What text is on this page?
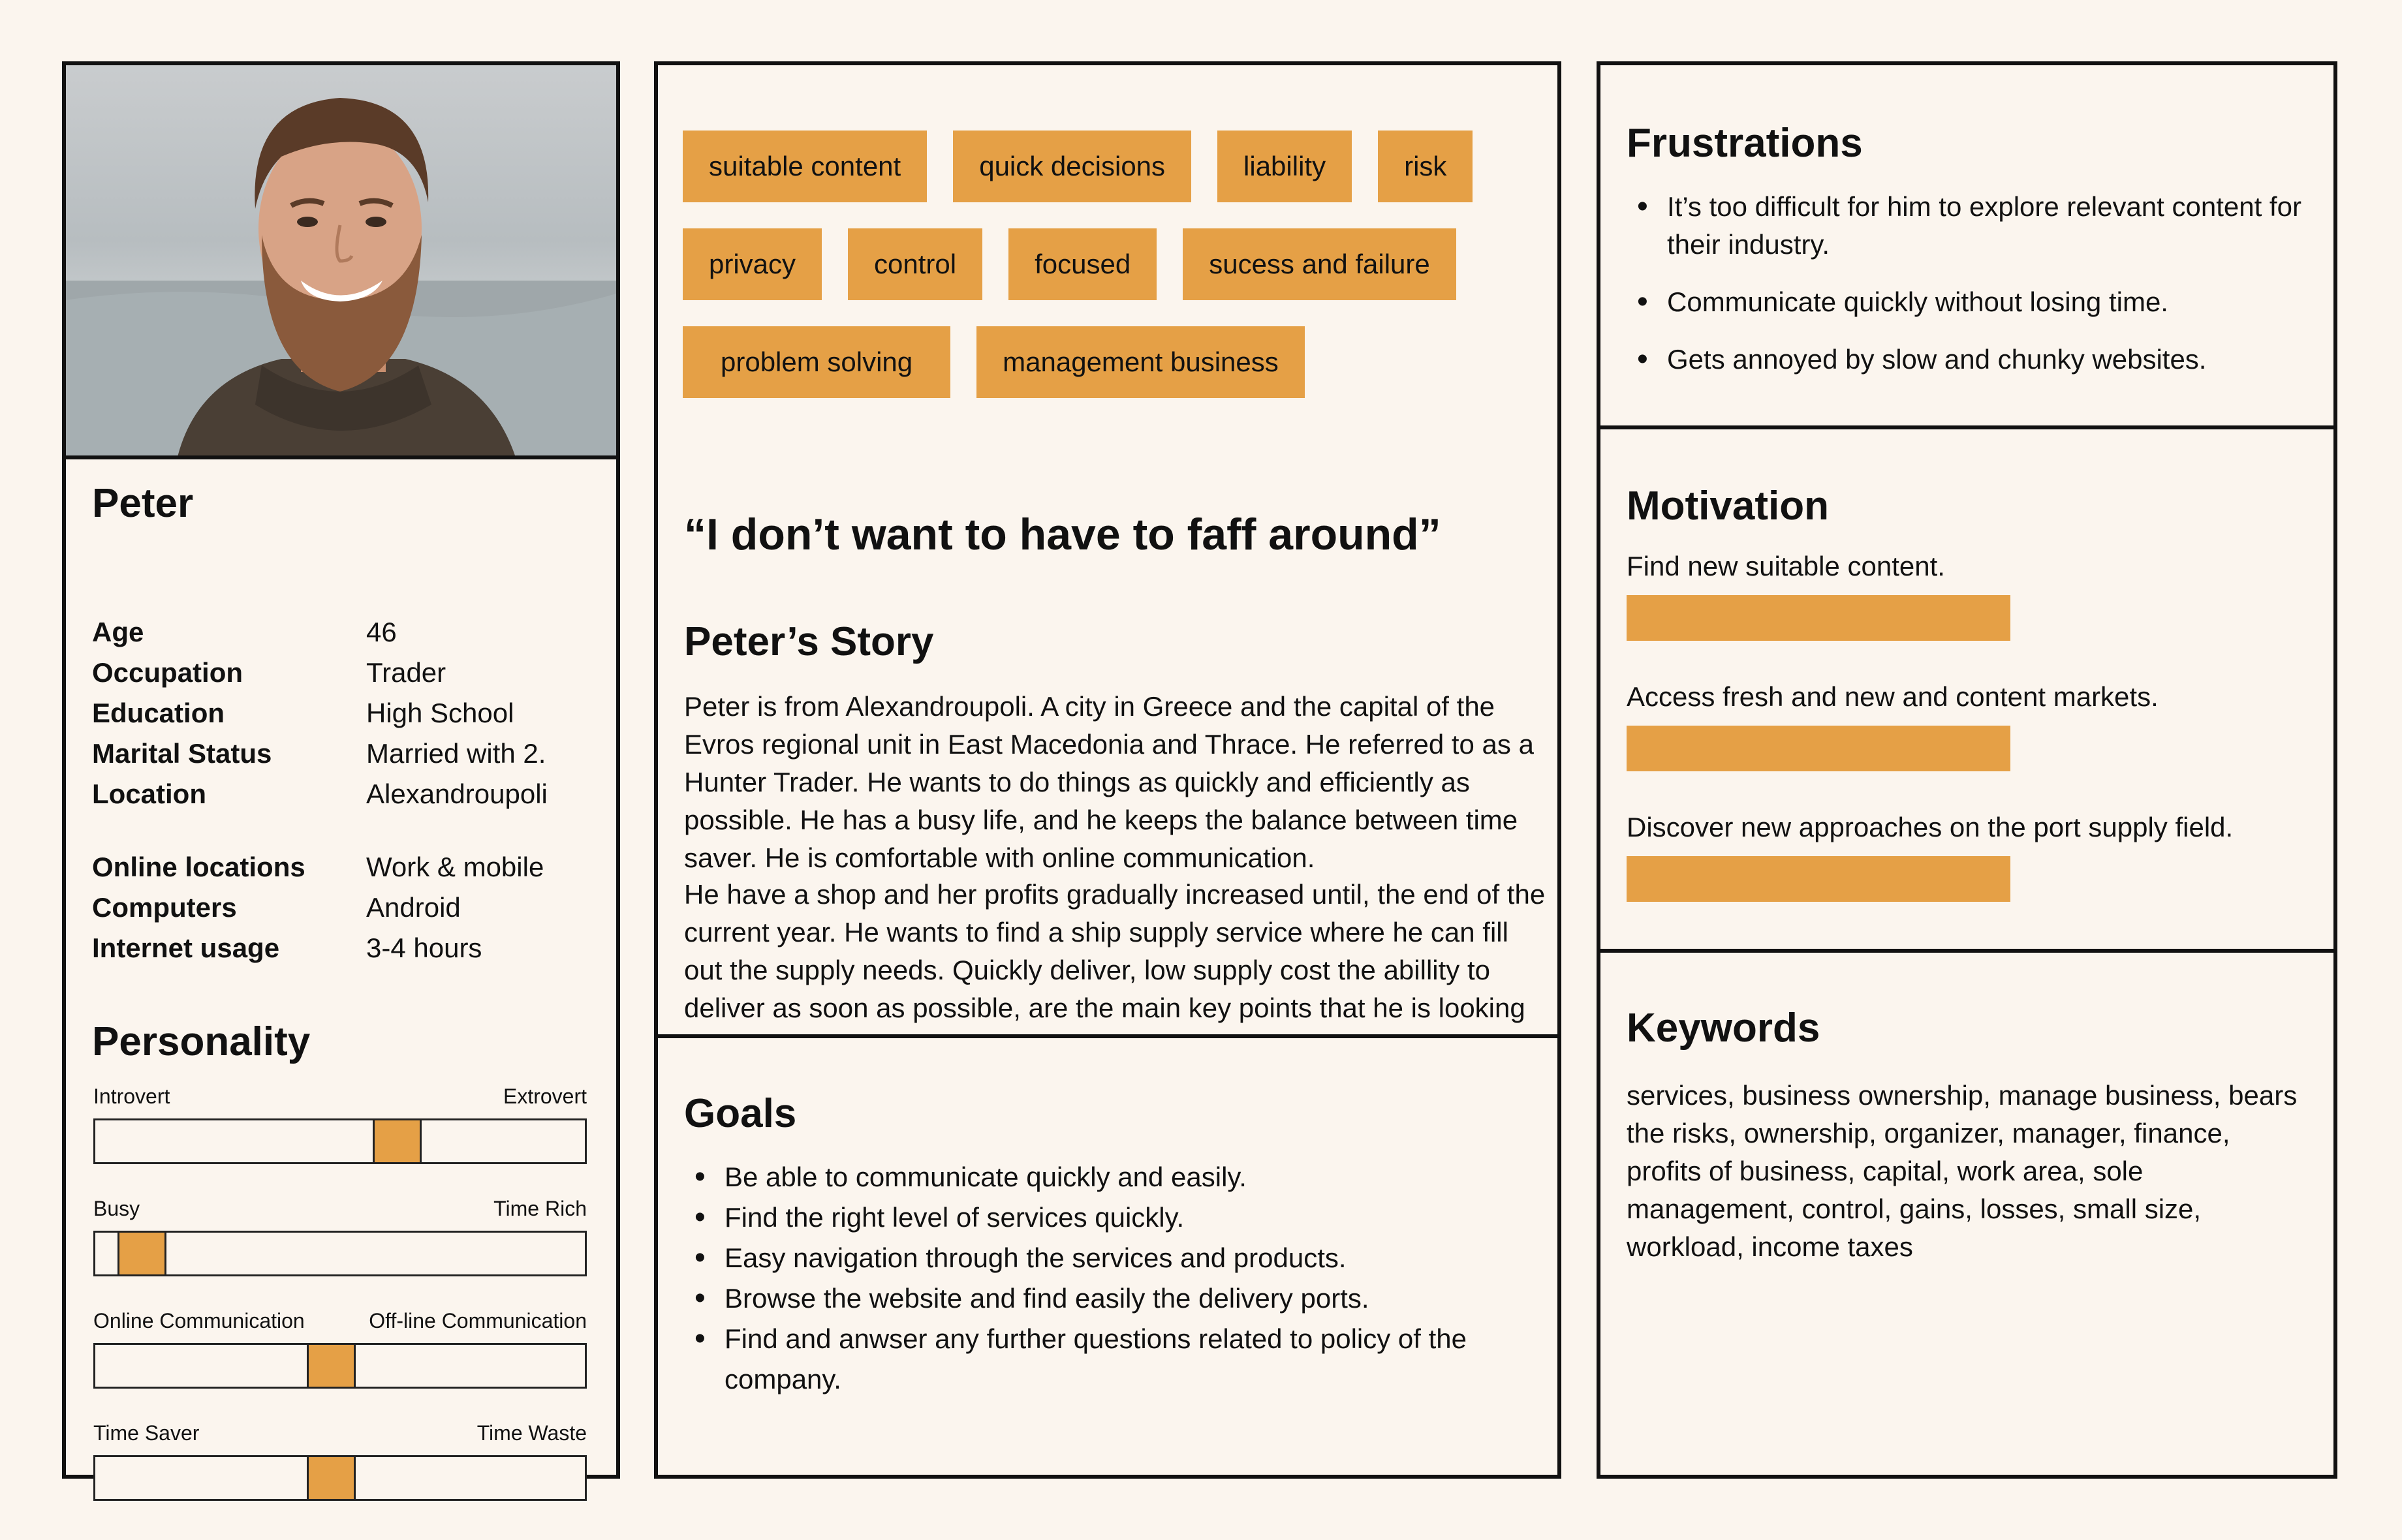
Peter
Age	46
Occupation	Trader
Education	High School
Marital Status	Married with 2.
Location	Alexandroupoli
Online locations	Work & mobile
Computers	Android
Internet usage	3-4 hours
Personality
Introvert	Extrovert
Busy	Time Rich
Online Communication	Off-line Communication
Time Saver	Time Waste
suitable content	quick decisions	liability	risk
privacy	control	focused	sucess and failure
problem solving	management business
“I don’t want to have to faff around”
Peter’s Story

Peter is from Alexandroupoli. A city in Greece and the capital of the Evros regional unit in East Macedonia and Thrace. He referred to as a Hunter Trader. He wants to do things as quickly and efficiently as possible. He has a busy life, and he keeps the balance between time saver. He is comfortable with online communication.

He have a shop and her profits gradually increased until, the end of the current year. He wants to find a ship supply service where he can fill out the supply needs. Quickly deliver, low supply cost the abillity to deliver as soon as possible, are the main key points that he is looking

Goals
• Be able to communicate quickly and easily.
• Find the right level of services quickly.
• Easy navigation through the services and products.
• Browse the website and find easily the delivery ports.
• Find and anwser any further questions related to policy of the company.
Frustrations
• It’s too difficult for him to explore relevant content for their industry.
• Communicate quickly without losing time.
• Gets annoyed by slow and chunky websites.
Motivation
Find new suitable content.
Access fresh and new and content markets.
Discover new approaches on the port supply field.
Keywords

services, business ownership, manage business, bears the risks, ownership, organizer, manager, finance, profits of business, capital, work area, sole management, control, gains, losses, small size, workload, income taxes
